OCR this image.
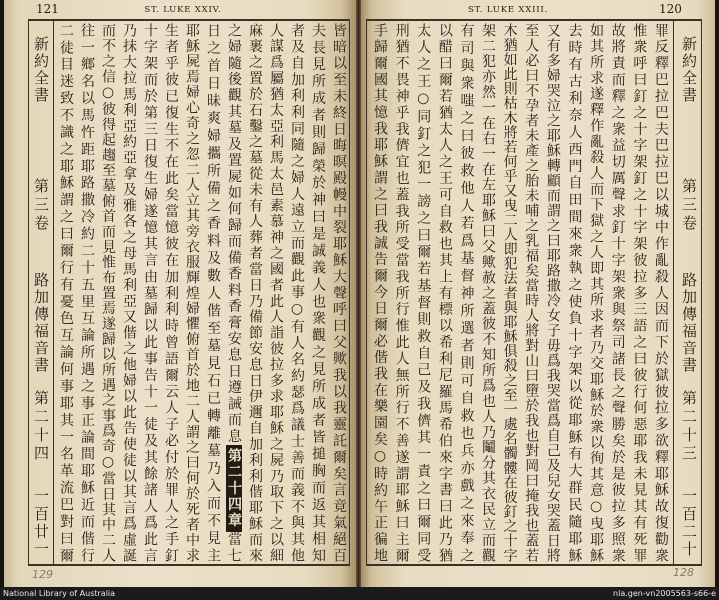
121	ST. LUKE XXIV.
新約全書
第三卷
路加傳福音書
第二十四
一百廿一	皆暗以至未終日晦暝殿幔中裂耶穌大聲呼曰父歟我以我靈託爾矣言竟氣絕百
夫長見所成者則歸榮於神曰是誠義人也衆觀之見所成者皆搥胸而返其相知
者及自加利利同隨之婦人遠立而觀此事○有人名約瑟爲議士善而義不與其他
人謀爲屬猶太亞利馬太邑素慕神之國者此人詣彼拉多求耶穌之屍乃取下之以細
麻裹之置於石鑿之墓從未有人葬者當日乃備節安息日伊邇自加利利偕耶穌而來
之婦隨後觀其墓及置屍如何歸而備香料香膏安息日遵誡而息第二十四章當七
日之首日昧爽婦攜所備之香料及數人偕至墓見石已轉離墓乃入而不見主
耶穌屍焉婦心奇之忽二人立其旁衣服輝煌婦懼俯首於地二人謂之曰何於死者中求
生者乎彼已復生不在此矣當憶彼在加利利時曾語爾云人子必付於罪人之手釘
十字架而於第三日復生婦遂憶其言由墓歸以此事告十一徒及其餘諸人爲此言
乃抹大拉馬利亞約亞拿及雅各之母馬利亞又偕之他婦以此告使徒以其言爲虛誕
而不之信○彼得起趨至墓俯首而見惟布置焉遂歸以所遇之事爲奇○當日其中二人
往一鄉名以馬忤距耶路撒冷約二十五里互論所遇之事正論間耶穌近而偕行
二徒目迷致不識之耶穌謂之曰爾行有憂色互論何事耶其一名革流巴對曰爾
129
ST. LUKE XXIII.	120
新約全書
第三卷
路加傳福音書
第二十三
一百二十
罪反釋巴拉巴夫巴拉巴以城中作亂殺人因而下於獄彼拉多欲釋耶穌故復勸衆
惟衆呼曰釘之十字架釘之十字架彼拉多三語之曰彼行何惡耶我未見其有死罪
故將責而釋之衆益切厲聲求釘十字架衆與祭司諸長之聲勝矣於是彼拉多照衆
如其所求遂釋作亂殺人而下獄之人即其所求者乃交耶穌於衆以徇其意○曳耶穌
去時有古利奈人西門自田間來衆執之使負十字架以從耶穌有大群民隨耶穌
又有多婦哭泣之耶穌轉顧而謂之曰耶路撒冷女子毋爲我哭當爲自己及兒女哭蓋日將
至人必曰不孕者未產之胎未哺之乳福矣當時人將對山曰墮於我也對岡曰掩我也蓋若
木猶如此則枯木將若何乎又曳二人即犯法者與耶穌俱殺之至一處名髑髏在彼釘之十字
架二犯亦然一在右一在左耶穌曰父歟赦之蓋彼不知所爲也人乃鬮分其衣民立而觀
有司與衆嗤之曰彼救他人若爲基督神所選者則可自救也兵亦戲之來奉之
以醋曰爾若猶太人之王可自救也其上有標以希利尼羅馬希伯來字書曰此乃猶
太人之王○同釘之犯一謗之曰爾若基督則救自己及我儕其一責之曰爾同受
刑猶不畏神乎我儕宜也蓋我所受當我所行惟此人無所行不善遂謂耶穌曰主爾
手歸爾國其憶我耶穌謂之曰我誠告爾今日爾必偕我在樂園矣○時約午正徧地
128
National Library of Australia	nla.gen-vn2005563-s66-e
